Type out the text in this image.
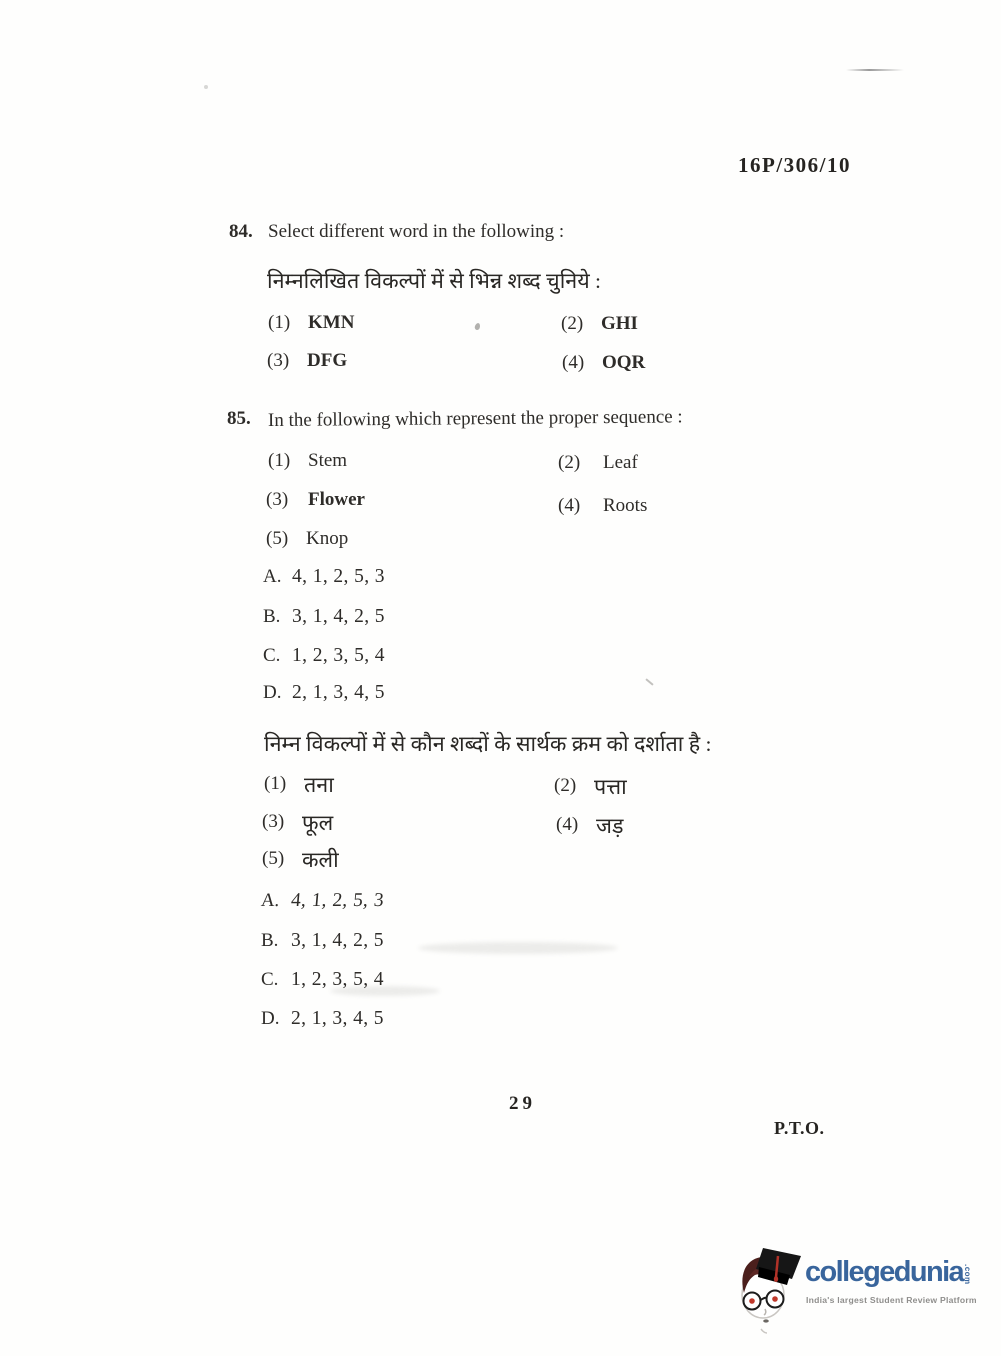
16P/306/10
84. Select different word in the following :
निम्नलिखित विकल्पों में से भिन्न शब्द चुनिये :
(1) KMN	(2) GHI
(3) DFG	(4) OQR
85. In the following which represent the proper sequence :
(1) Stem	(2) Leaf
(3) Flower	(4) Roots
(5) Knop
A. 4, 1, 2, 5, 3
B. 3, 1, 4, 2, 5
C. 1, 2, 3, 5, 4
D. 2, 1, 3, 4, 5
निम्न विकल्पों में से कौन शब्दों के सार्थक क्रम को दर्शाता है :
(1) तना	(2) पत्ता
(3) फूल	(4) जड़
(5) कली
A. 4, 1, 2, 5, 3
B. 3, 1, 4, 2, 5
C. 1, 2, 3, 5, 4
D. 2, 1, 3, 4, 5
29
P.T.O.
collegedunia .com
India's largest Student Review Platform
